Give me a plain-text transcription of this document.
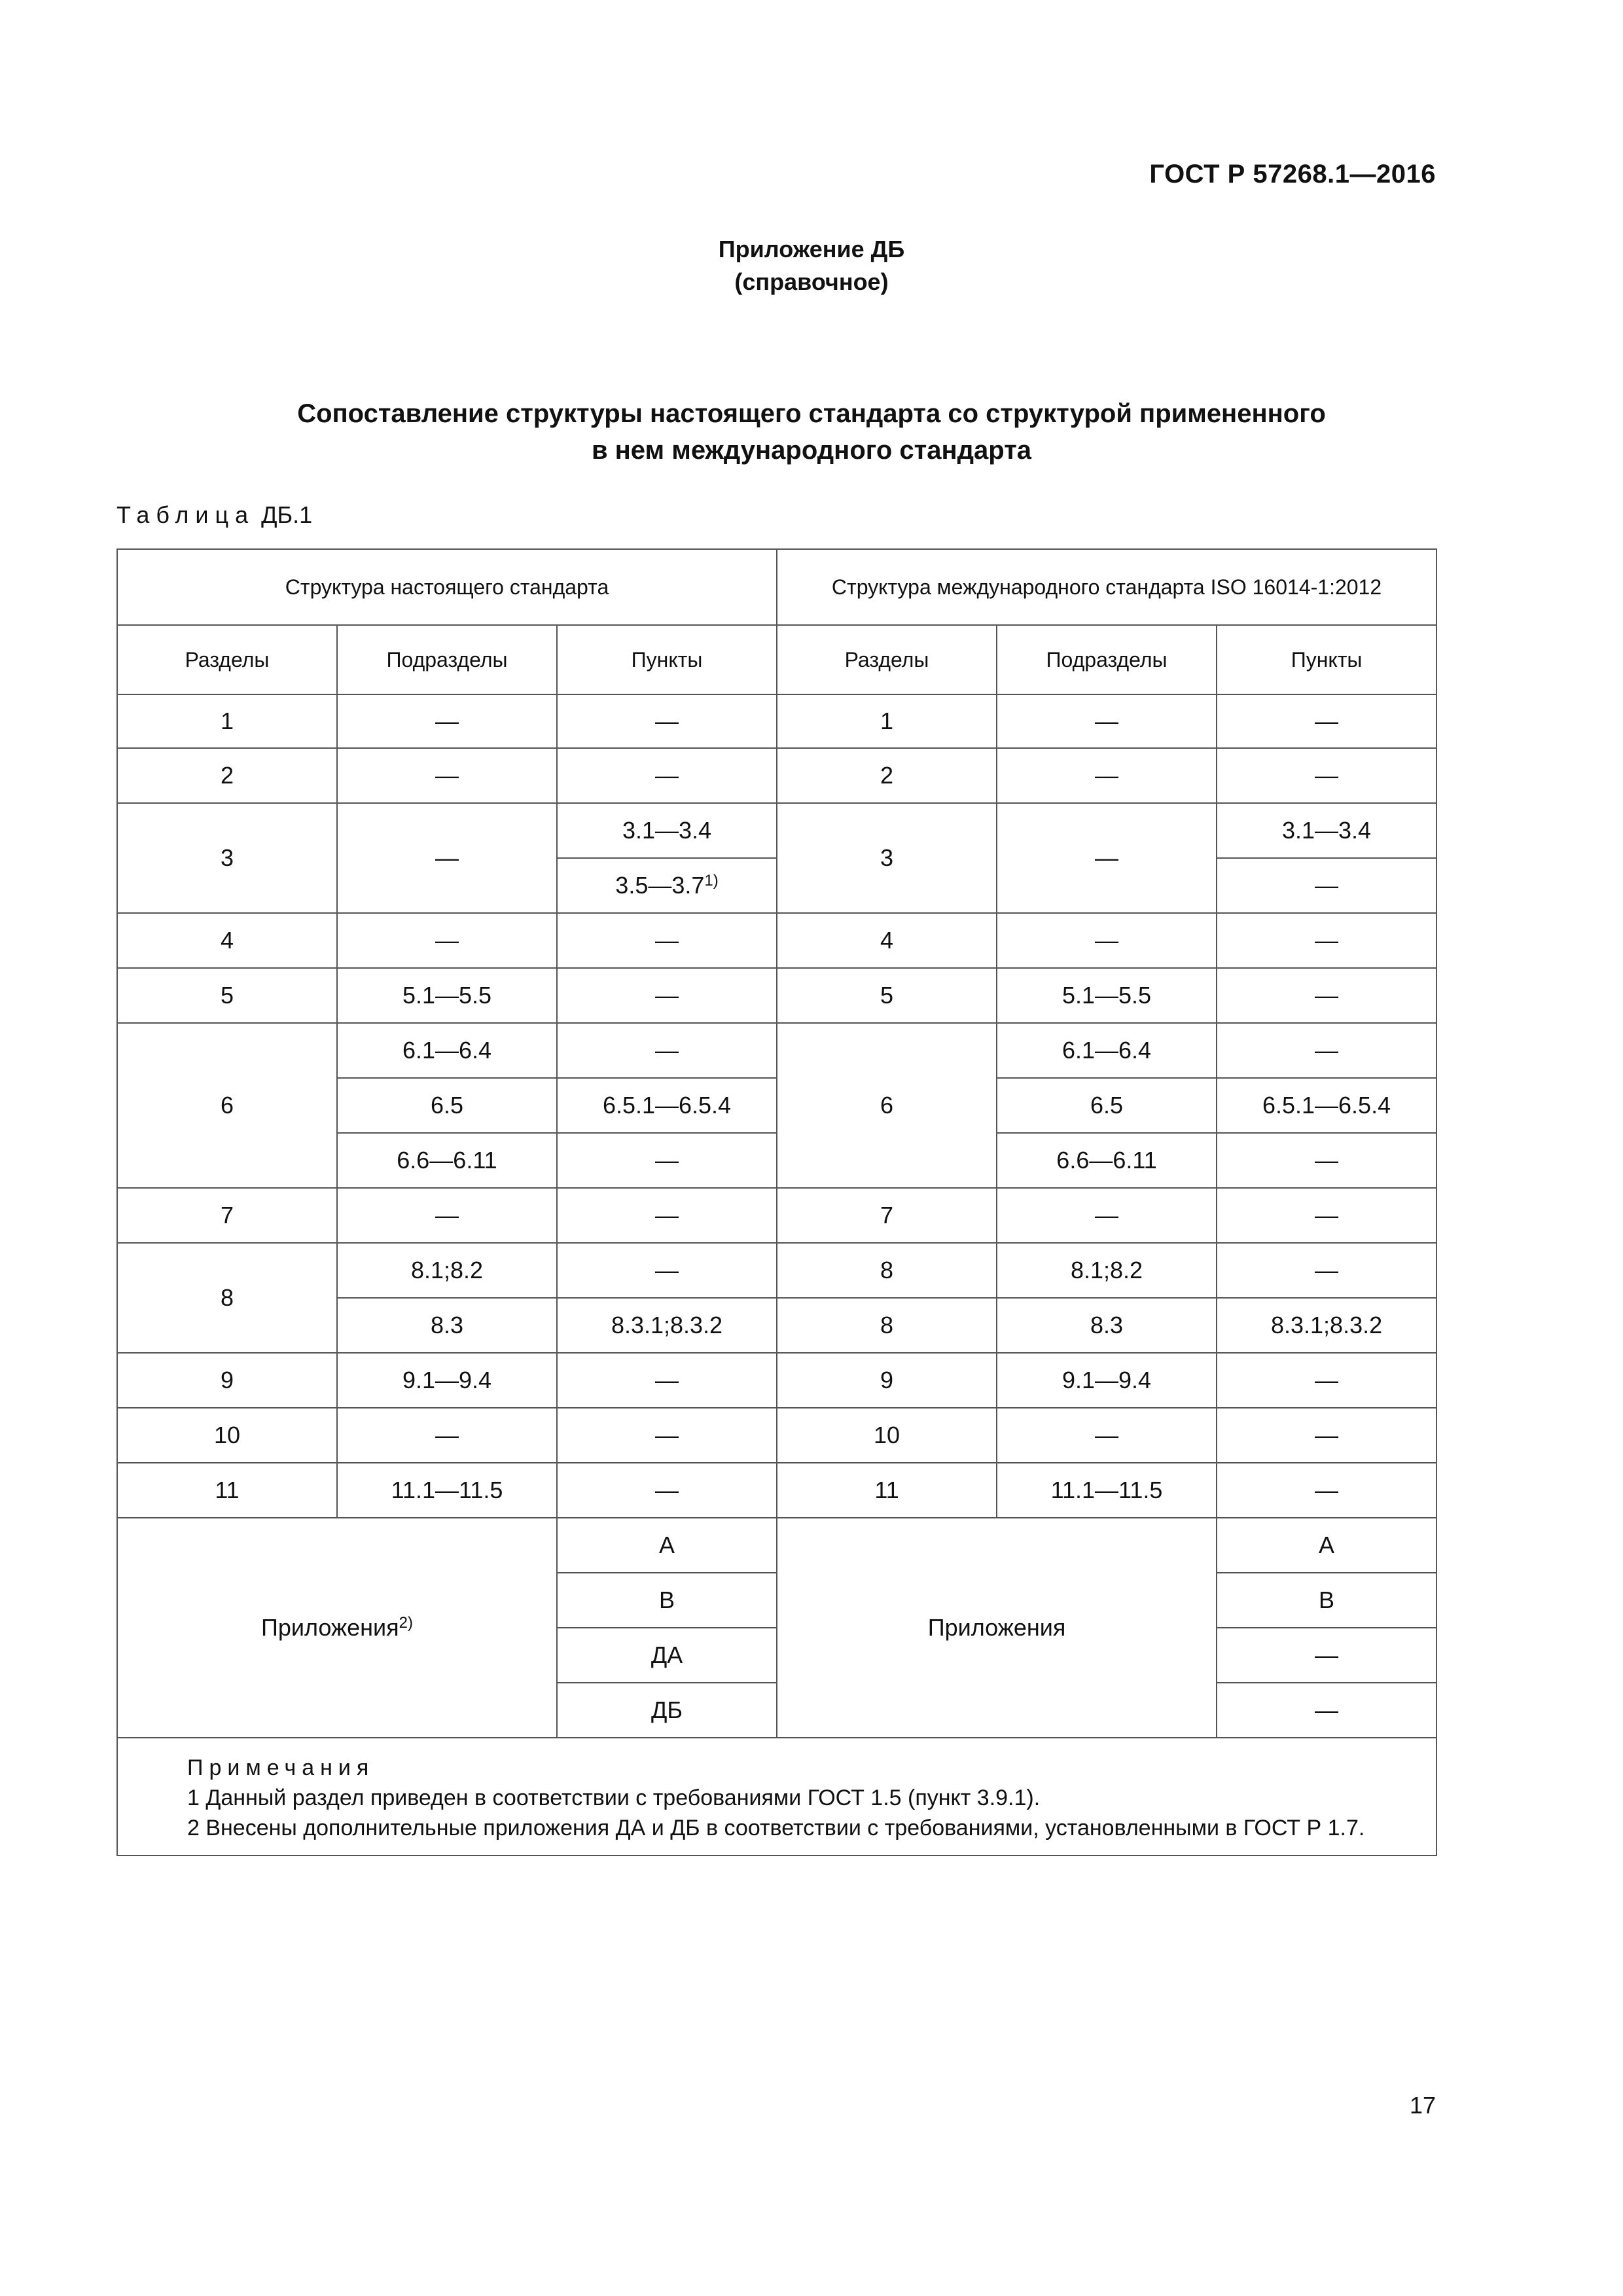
ГОСТ Р 57268.1—2016
Приложение ДБ
(справочное)
Сопоставление структуры настоящего стандарта со структурой примененного
в нем международного стандарта
Таблица ДБ.1
Структура настоящего стандарта			Структура международного стандарта ISO 16014-1:2012		
Разделы	Подразделы	Пункты	Разделы	Подразделы	Пункты
1	—	—	1	—	—
2	—	—	2	—	—
3	—	3.1—3.4	3	—	3.1—3.4
		3.5—3.7$^{1)}$			—
4	—	—	4	—	—
5	5.1—5.5	—	5	5.1—5.5	—
6	6.1—6.4	—	6	6.1—6.4	—
	6.5	6.5.1—6.5.4		6.5	6.5.1—6.5.4
	6.6—6.11	—		6.6—6.11	—
7	—	—	7	—	—
8	8.1;8.2	—	8	8.1;8.2	—
	8.3	8.3.1;8.3.2	8	8.3	8.3.1;8.3.2
9	9.1—9.4	—	9	9.1—9.4	—
10	—	—	10	—	—
11	11.1—11.5	—	11	11.1—11.5	—
Приложения$^{2)}$		A	Приложения		A
		B			B
		ДА			—
		ДБ			—

Примечания
1 Данный раздел приведен в соответствии с требованиями ГОСТ 1.5 (пункт 3.9.1).
2 Внесены дополнительные приложения ДА и ДБ в соответствии с требованиями, установленными в ГОСТ Р 1.7.					
17
